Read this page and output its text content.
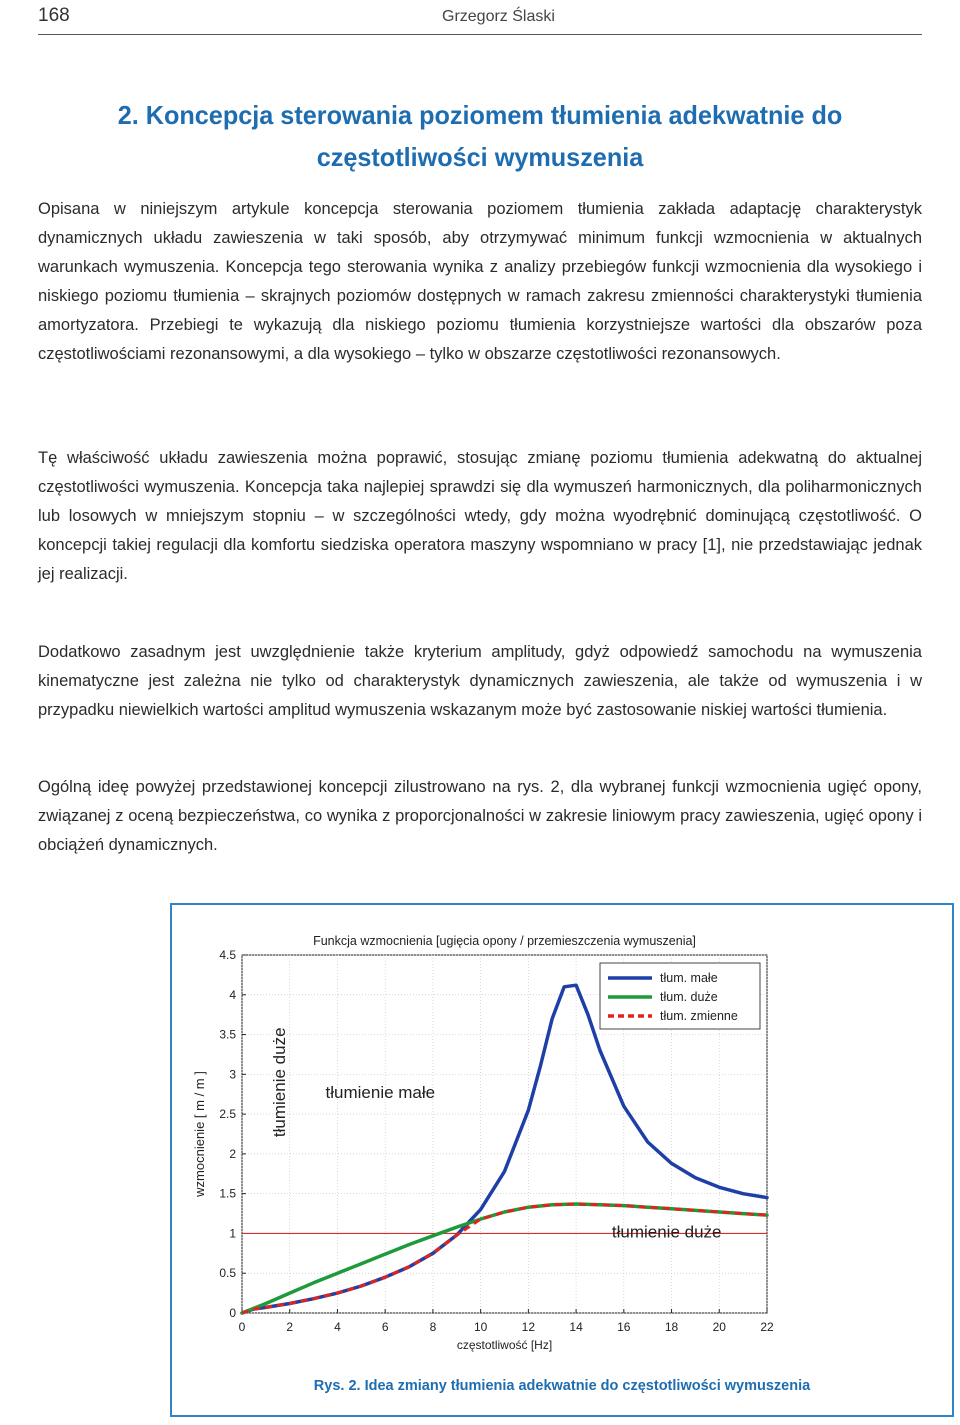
168	Grzegorz Ślaski
2. Koncepcja sterowania poziomem tłumienia adekwatnie do częstotliwości wymuszenia

Opisana w niniejszym artykule koncepcja sterowania poziomem tłumienia zakłada adaptację charakterystyk dynamicznych układu zawieszenia w taki sposób, aby otrzymywać minimum funkcji wzmocnienia w aktualnych warunkach wymuszenia. Koncepcja tego sterowania wynika z analizy przebiegów funkcji wzmocnienia dla wysokiego i niskiego poziomu tłumienia – skrajnych poziomów dostępnych w ramach zakresu zmienności charakterystyki tłumienia amortyzatora. Przebiegi te wykazują dla niskiego poziomu tłumienia korzystniejsze wartości dla obszarów poza częstotliwościami rezonansowymi, a dla wysokiego – tylko w obszarze częstotliwości rezonansowych.

Tę właściwość układu zawieszenia można poprawić, stosując zmianę poziomu tłumienia adekwatną do aktualnej częstotliwości wymuszenia. Koncepcja taka najlepiej sprawdzi się dla wymuszeń harmonicznych, dla poliharmonicznych lub losowych w mniejszym stopniu – w szczególności wtedy, gdy można wyodrębnić dominującą częstotliwość. O koncepcji takiej regulacji dla komfortu siedziska operatora maszyny wspomniano w pracy [1], nie przedstawiając jednak jej realizacji.

Dodatkowo zasadnym jest uwzględnienie także kryterium amplitudy, gdyż odpowiedź samochodu na wymuszenia kinematyczne jest zależna nie tylko od charakterystyk dynamicznych zawieszenia, ale także od wymuszenia i w przypadku niewielkich wartości amplitud wymuszenia wskazanym może być zastosowanie niskiej wartości tłumienia.

Ogólną ideę powyżej przedstawionej koncepcji zilustrowano na rys. 2, dla wybranej funkcji wzmocnienia ugięć opony, związanej z oceną bezpieczeństwa, co wynika z proporcjonalności w zakresie liniowym pracy zawieszenia, ugięć opony i obciążeń dynamicznych.

0	2	4	6	8	10	12	14	16	18	20	22
0
0.5
1
1.5
2
2.5
3
3.5
4
4.5
Funkcja wzmocnienia [ugięcia opony / przemieszczenia wymuszenia]
częstotliwość [Hz]
wzmocnienie [ m / m ]	tłumienie małe
tłumienie duże
tłumienie duże
tłum. małe
tłum. duże
tłum. zmienne
Rys. 2. Idea zmiany tłumienia adekwatnie do częstotliwości wymuszenia
